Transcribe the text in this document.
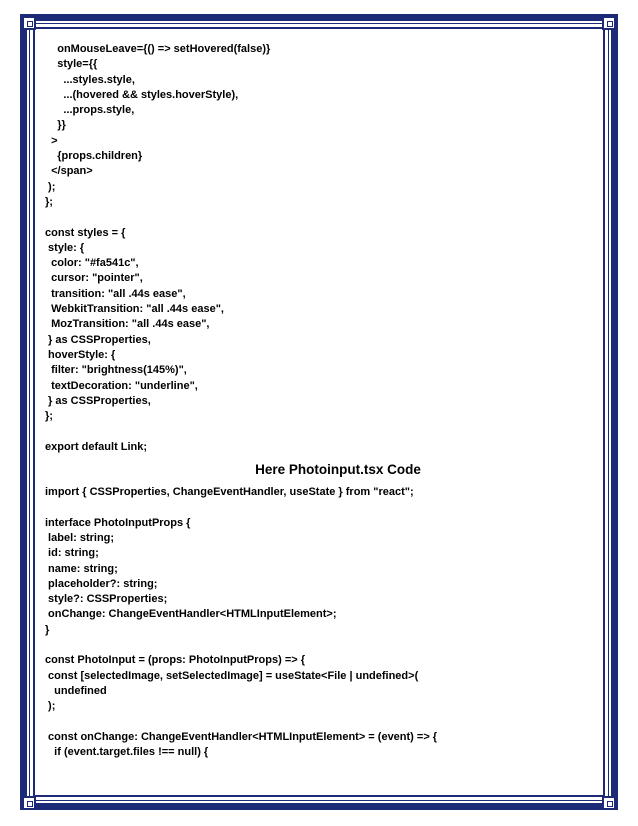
onMouseLeave={() => setHovered(false)}
style={{
...styles.style,
...(hovered && styles.hoverStyle),
...props.style,
}}
>
{props.children}
</span>
);
};
const styles = {
style: {
color: "#fa541c",
cursor: "pointer",
transition: "all .44s ease",
WebkitTransition: "all .44s ease",
MozTransition: "all .44s ease",
} as CSSProperties,
hoverStyle: {
filter: "brightness(145%)",
textDecoration: "underline",
} as CSSProperties,
};
export default Link;
Here Photoinput.tsx Code
import { CSSProperties, ChangeEventHandler, useState } from "react";
interface PhotoInputProps {
label: string;
id: string;
name: string;
placeholder?: string;
style?: CSSProperties;
onChange: ChangeEventHandler<HTMLInputElement>;
}
const PhotoInput = (props: PhotoInputProps) => {
const [selectedImage, setSelectedImage] = useState<File | undefined>(
undefined
);
const onChange: ChangeEventHandler<HTMLInputElement> = (event) => {
if (event.target.files !== null) {
